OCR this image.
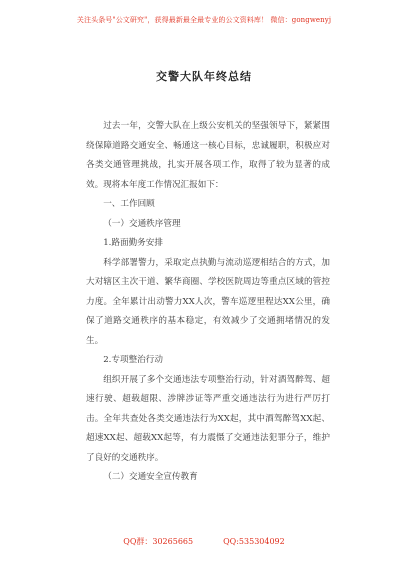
关注头条号"公文研究"，获得最新最全最专业的公文资料库！ 微信：gongwenyj
交警大队年终总结

过去一年，交警大队在上级公安机关的坚强领导下，紧紧围绕保障道路交通安全、畅通这一核心目标，忠诚履职，积极应对各类交通管理挑战，扎实开展各项工作，取得了较为显著的成效。现将本年度工作情况汇报如下：

一、工作回顾

（一）交通秩序管理

1.路面勤务安排

科学部署警力，采取定点执勤与流动巡逻相结合的方式，加大对辖区主次干道、繁华商圈、学校医院周边等重点区域的管控力度。全年累计出动警力XX人次，警车巡逻里程达XX公里，确保了道路交通秩序的基本稳定，有效减少了交通拥堵情况的发生。

2.专项整治行动

组织开展了多个交通违法专项整治行动，针对酒驾醉驾、超速行驶、超载超限、涉牌涉证等严重交通违法行为进行严厉打击。全年共查处各类交通违法行为XX起，其中酒驾醉驾XX起、超速XX起、超载XX起等，有力震慑了交通违法犯罪分子，维护了良好的交通秩序。

（二）交通安全宣传教育

QQ群：30265665	QQ:535304092
